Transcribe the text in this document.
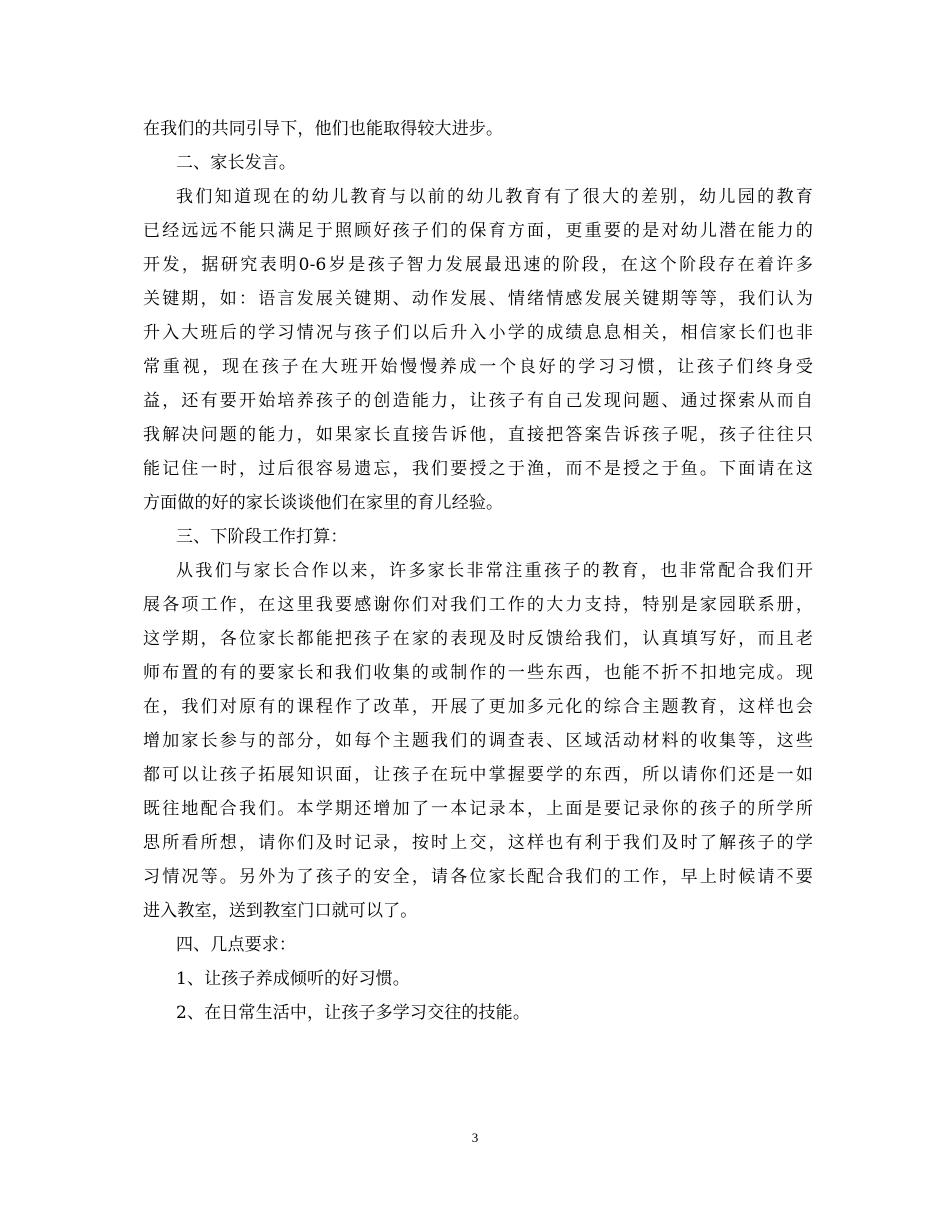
在我们的共同引导下，他们也能取得较大进步。
二、家长发言。
我们知道现在的幼儿教育与以前的幼儿教育有了很大的差别，幼儿园的教育
已经远远不能只满足于照顾好孩子们的保育方面，更重要的是对幼儿潜在能力的
开发，据研究表明0-6岁是孩子智力发展最迅速的阶段，在这个阶段存在着许多
关键期，如：语言发展关键期、动作发展、情绪情感发展关键期等等，我们认为
升入大班后的学习情况与孩子们以后升入小学的成绩息息相关，相信家长们也非
常重视，现在孩子在大班开始慢慢养成一个良好的学习习惯，让孩子们终身受
益，还有要开始培养孩子的创造能力，让孩子有自己发现问题、通过探索从而自
我解决问题的能力，如果家长直接告诉他，直接把答案告诉孩子呢，孩子往往只
能记住一时，过后很容易遗忘，我们要授之于渔，而不是授之于鱼。下面请在这
方面做的好的家长谈谈他们在家里的育儿经验。
三、下阶段工作打算：
从我们与家长合作以来，许多家长非常注重孩子的教育，也非常配合我们开
展各项工作，在这里我要感谢你们对我们工作的大力支持，特别是家园联系册，
这学期，各位家长都能把孩子在家的表现及时反馈给我们，认真填写好，而且老
师布置的有的要家长和我们收集的或制作的一些东西，也能不折不扣地完成。现
在，我们对原有的课程作了改革，开展了更加多元化的综合主题教育，这样也会
增加家长参与的部分，如每个主题我们的调查表、区域活动材料的收集等，这些
都可以让孩子拓展知识面，让孩子在玩中掌握要学的东西，所以请你们还是一如
既往地配合我们。本学期还增加了一本记录本，上面是要记录你的孩子的所学所
思所看所想，请你们及时记录，按时上交，这样也有利于我们及时了解孩子的学
习情况等。另外为了孩子的安全，请各位家长配合我们的工作，早上时候请不要
进入教室，送到教室门口就可以了。
四、几点要求：
1、让孩子养成倾听的好习惯。
2、在日常生活中，让孩子多学习交往的技能。
3
